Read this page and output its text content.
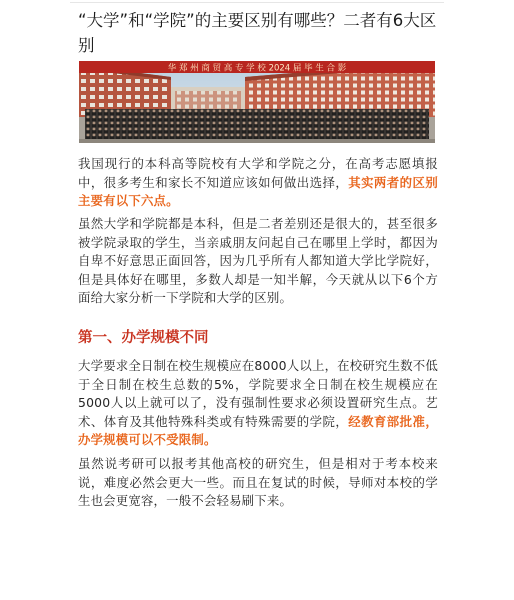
“大学”和“学院”的主要区别有哪些？二者有6大区别
华 郑 州 商 贸 高 专 学 校 2024 届 毕 生 合 影

我国现行的本科高等院校有大学和学院之分，在高考志愿填报中，很多考生和家长不知道应该如何做出选择，其实两者的区别主要有以下六点。

虽然大学和学院都是本科，但是二者差别还是很大的，甚至很多被学院录取的学生，当亲戚朋友问起自己在哪里上学时，都因为自卑不好意思正面回答，因为几乎所有人都知道大学比学院好，但是具体好在哪里，多数人却是一知半解，今天就从以下6个方面给大家分析一下学院和大学的区别。

第一、办学规模不同

大学要求全日制在校生规模应在8000人以上，在校研究生数不低于全日制在校生总数的5%，学院要求全日制在校生规模应在5000人以上就可以了，没有强制性要求必须设置研究生点。艺术、体育及其他特殊科类或有特殊需要的学院，经教育部批准，办学规模可以不受限制。

虽然说考研可以报考其他高校的研究生，但是相对于考本校来说，难度必然会更大一些。而且在复试的时候，导师对本校的学生也会更宽容，一般不会轻易刷下来。
